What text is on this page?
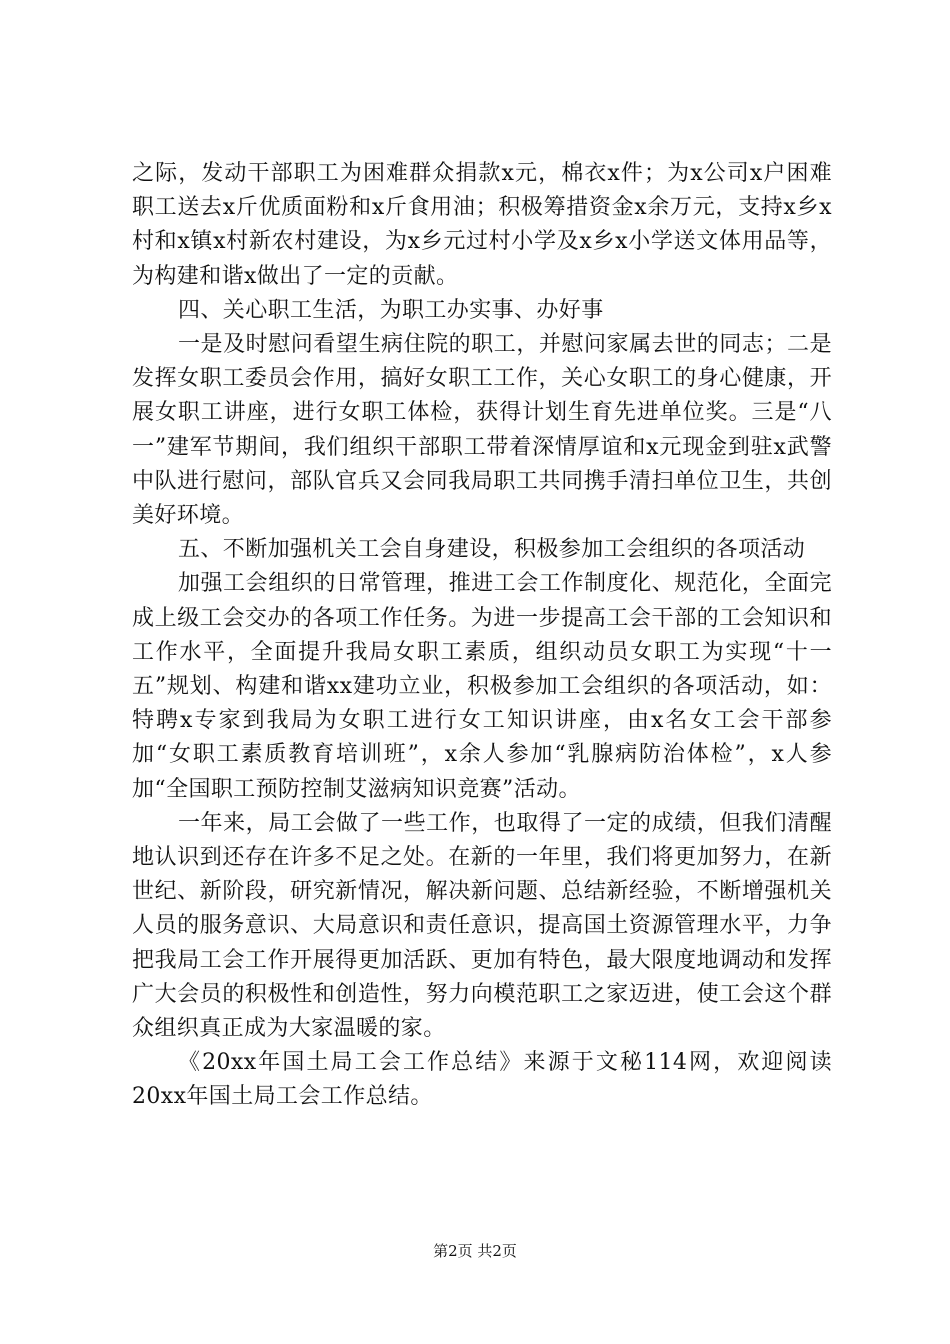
之际，发动干部职工为困难群众捐款x元，棉衣x件；为x公司x户困难职工送去x斤优质面粉和x斤食用油；积极筹措资金x余万元，支持x乡x村和x镇x村新农村建设，为x乡元过村小学及x乡x小学送文体用品等，为构建和谐x做出了一定的贡献。

四、关心职工生活，为职工办实事、办好事

一是及时慰问看望生病住院的职工，并慰问家属去世的同志；二是发挥女职工委员会作用，搞好女职工工作，关心女职工的身心健康，开展女职工讲座，进行女职工体检，获得计划生育先进单位奖。三是“八一”建军节期间，我们组织干部职工带着深情厚谊和x元现金到驻x武警中队进行慰问，部队官兵又会同我局职工共同携手清扫单位卫生，共创美好环境。

五、不断加强机关工会自身建设，积极参加工会组织的各项活动

加强工会组织的日常管理，推进工会工作制度化、规范化，全面完成上级工会交办的各项工作任务。为进一步提高工会干部的工会知识和工作水平，全面提升我局女职工素质，组织动员女职工为实现“十一五”规划、构建和谐xx建功立业，积极参加工会组织的各项活动，如：特聘x专家到我局为女职工进行女工知识讲座，由x名女工会干部参加“女职工素质教育培训班”，x余人参加“乳腺病防治体检”，x人参加“全国职工预防控制艾滋病知识竞赛”活动。

一年来，局工会做了一些工作，也取得了一定的成绩，但我们清醒地认识到还存在许多不足之处。在新的一年里，我们将更加努力，在新世纪、新阶段，研究新情况，解决新问题、总结新经验，不断增强机关人员的服务意识、大局意识和责任意识，提高国土资源管理水平，力争把我局工会工作开展得更加活跃、更加有特色，最大限度地调动和发挥广大会员的积极性和创造性，努力向模范职工之家迈进，使工会这个群众组织真正成为大家温暖的家。

《20xx年国土局工会工作总结》来源于文秘114网，欢迎阅读20xx年国土局工会工作总结。

第2页 共2页
